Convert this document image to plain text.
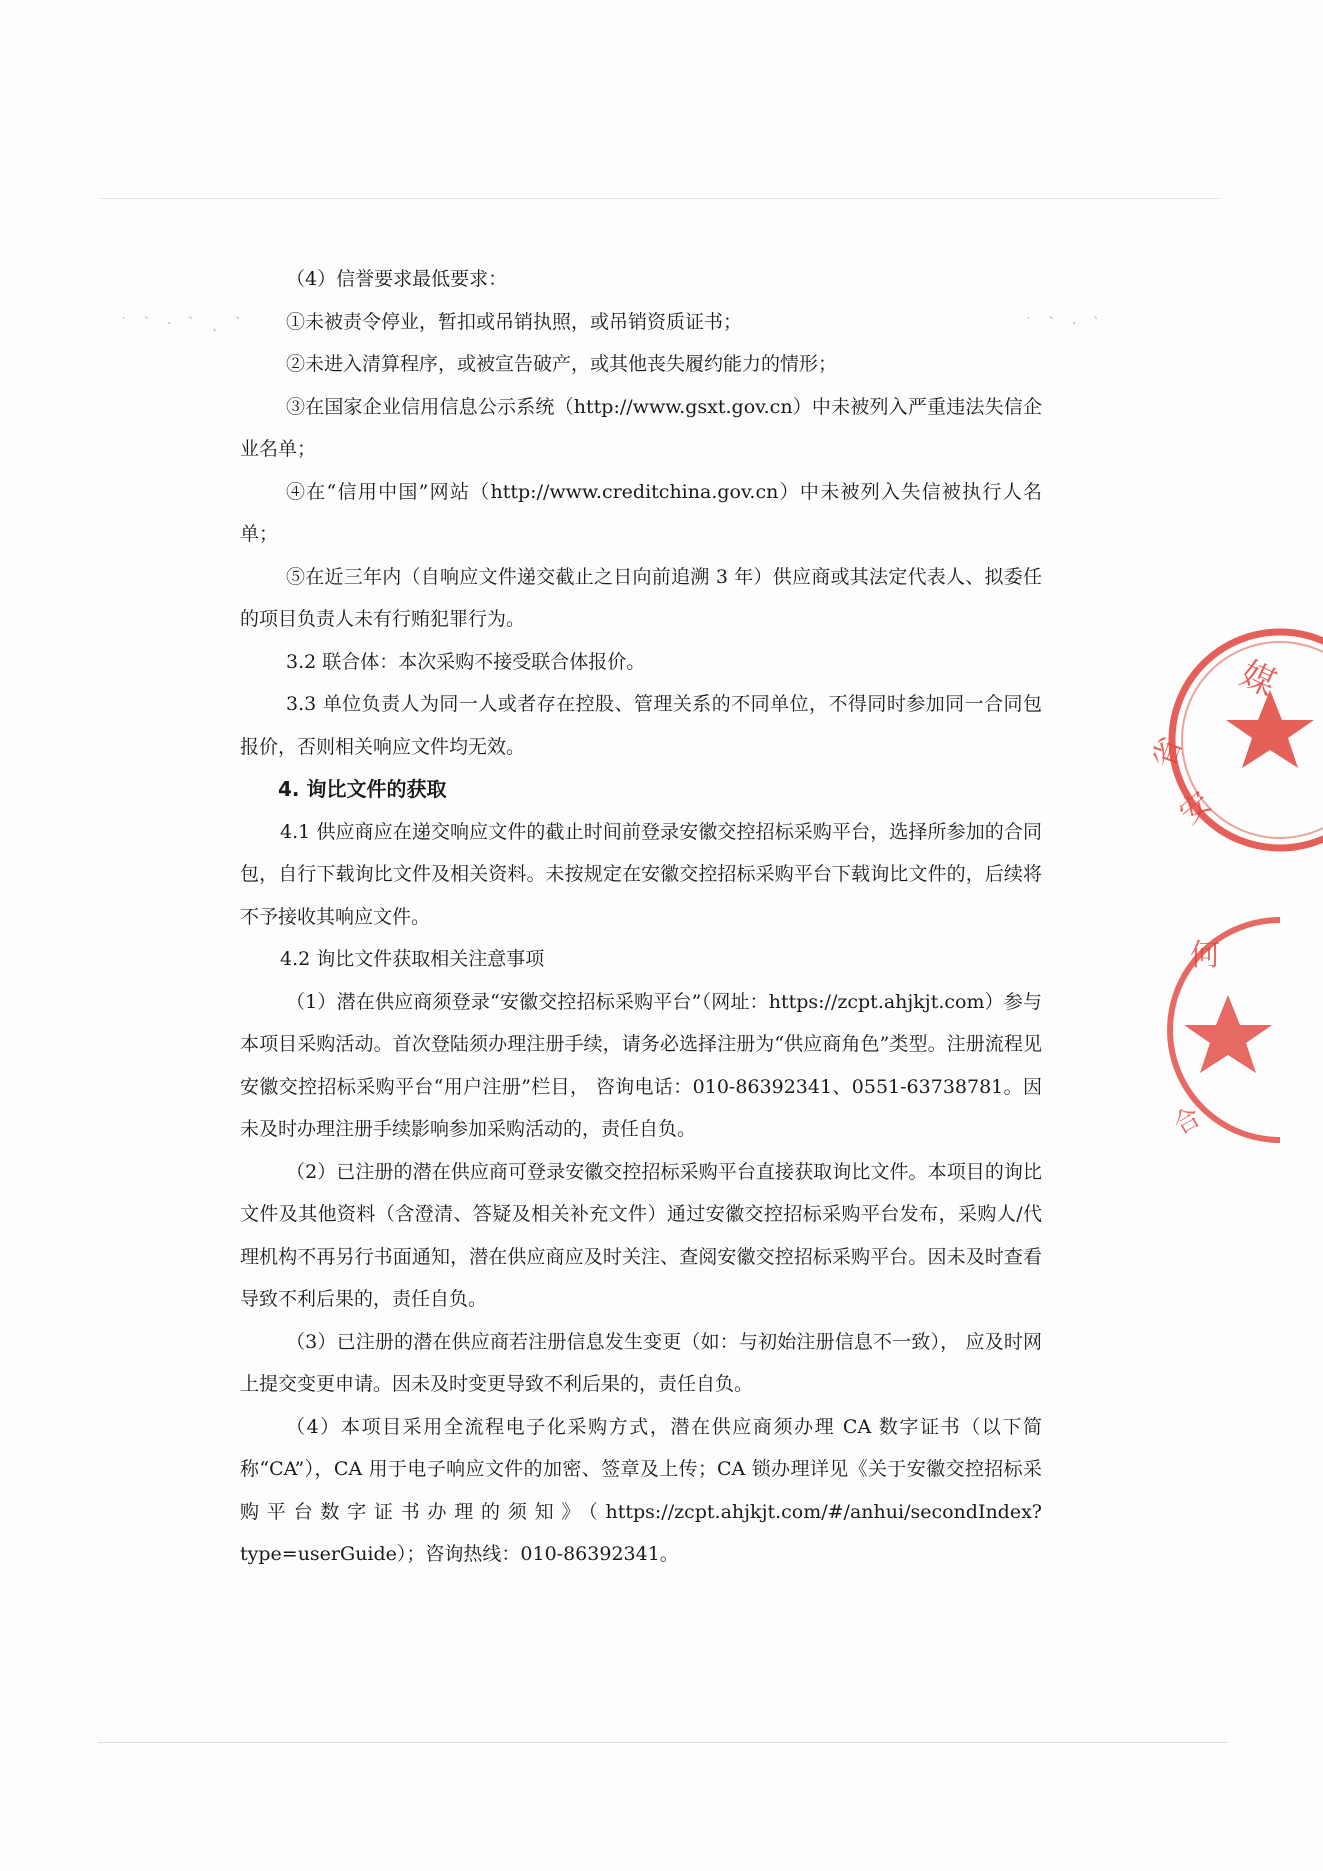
˙ ` · ˋ ˛ ˋ	˙ ` · ˋ

（4）信誉要求最低要求：

①未被责令停业，暂扣或吊销执照，或吊销资质证书；

②未进入清算程序，或被宣告破产，或其他丧失履约能力的情形；

③在国家企业信用信息公示系统（http://www.gsxt.gov.cn）中未被列入严重违法失信企业名单；

④在“信用中国”网站（http://www.creditchina.gov.cn）中未被列入失信被执行人名单；

⑤在近三年内（自响应文件递交截止之日向前追溯 3 年）供应商或其法定代表人、拟委任的项目负责人未有行贿犯罪行为。

3.2 联合体：本次采购不接受联合体报价。

3.3 单位负责人为同一人或者存在控股、管理关系的不同单位，不得同时参加同一合同包报价，否则相关响应文件均无效。

4. 询比文件的获取

4.1 供应商应在递交响应文件的截止时间前登录安徽交控招标采购平台，选择所参加的合同包，自行下载询比文件及相关资料。未按规定在安徽交控招标采购平台下载询比文件的，后续将不予接收其响应文件。

4.2 询比文件获取相关注意事项

（1）潜在供应商须登录“安徽交控招标采购平台”（网址：https://zcpt.ahjkjt.com）参与本项目采购活动。首次登陆须办理注册手续，请务必选择注册为“供应商角色”类型。注册流程见安徽交控招标采购平台“用户注册”栏目， 咨询电话：010-86392341、0551-63738781。因未及时办理注册手续影响参加采购活动的，责任自负。

（2）已注册的潜在供应商可登录安徽交控招标采购平台直接获取询比文件。本项目的询比文件及其他资料（含澄清、答疑及相关补充文件）通过安徽交控招标采购平台发布，采购人/代理机构不再另行书面通知，潜在供应商应及时关注、查阅安徽交控招标采购平台。因未及时查看导致不利后果的，责任自负。

（3）已注册的潜在供应商若注册信息发生变更（如：与初始注册信息不一致）， 应及时网上提交变更申请。因未及时变更导致不利后果的，责任自负。

（4）本项目采用全流程电子化采购方式，潜在供应商须办理 CA 数字证书（以下简称“CA”），CA 用于电子响应文件的加密、签章及上传；CA 锁办理详见《关于安徽交控招标采购平台数字证书办理的须知》（https://zcpt.ahjkjt.com/#/anhui/secondIndex?type=userGuide）；咨询热线：010-86392341。

媒
省
安
何
合
